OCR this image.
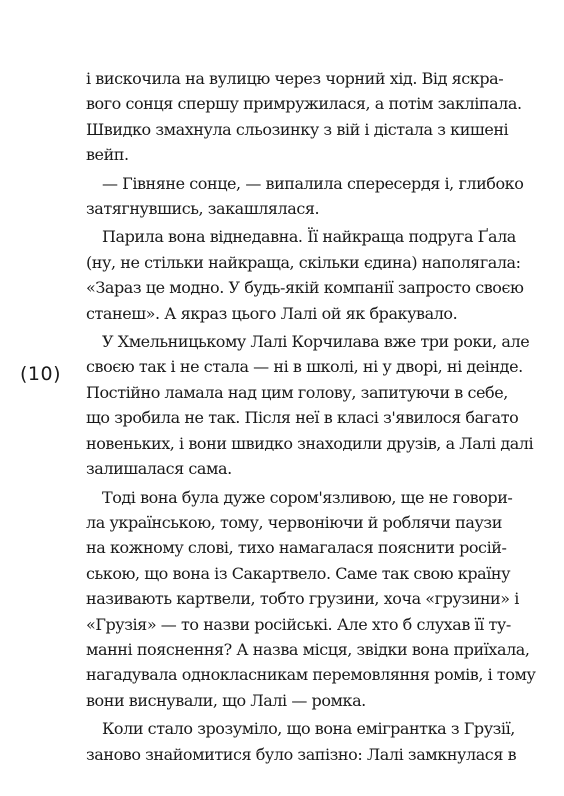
(10)

і вискочила на вулицю через чорний хід. Від яскра-
вого сонця спершу примружилася, а потім закліпала.
Швидко змахнула сльозинку з вій і дістала з кишені
вейп.

— Гівняне сонце, — випалила спересердя і, глибоко
затягнувшись, закашлялася.

Парила вона віднедавна. Її найкраща подруга Ґала
(ну, не стільки найкраща, скільки єдина) наполягала:
«Зараз це модно. У будь-якій компанії запросто своєю
станеш». А якраз цього Лалі ой як бракувало.

У Хмельницькому Лалі Корчилава вже три роки, але
своєю так і не стала — ні в школі, ні у дворі, ні деінде.
Постійно ламала над цим голову, запитуючи в себе,
що зробила не так. Після неї в класі з'явилося багато
новеньких, і вони швидко знаходили друзів, а Лалі далі
залишалася сама.

Тоді вона була дуже сором'язливою, ще не говори-
ла українською, тому, червоніючи й роблячи паузи
на кожному слові, тихо намагалася пояснити росій-
ською, що вона із Сакартвело. Саме так свою країну
називають картвели, тобто грузини, хоча «грузини» і
«Грузія» — то назви російські. Але хто б слухав її ту-
манні пояснення? А назва місця, звідки вона приїхала,
нагадувала однокласникам перемовляння ромів, і тому
вони виснували, що Лалі — ромка.

Коли стало зрозуміло, що вона емігрантка з Грузії,
заново знайомитися було запізно: Лалі замкнулася в
